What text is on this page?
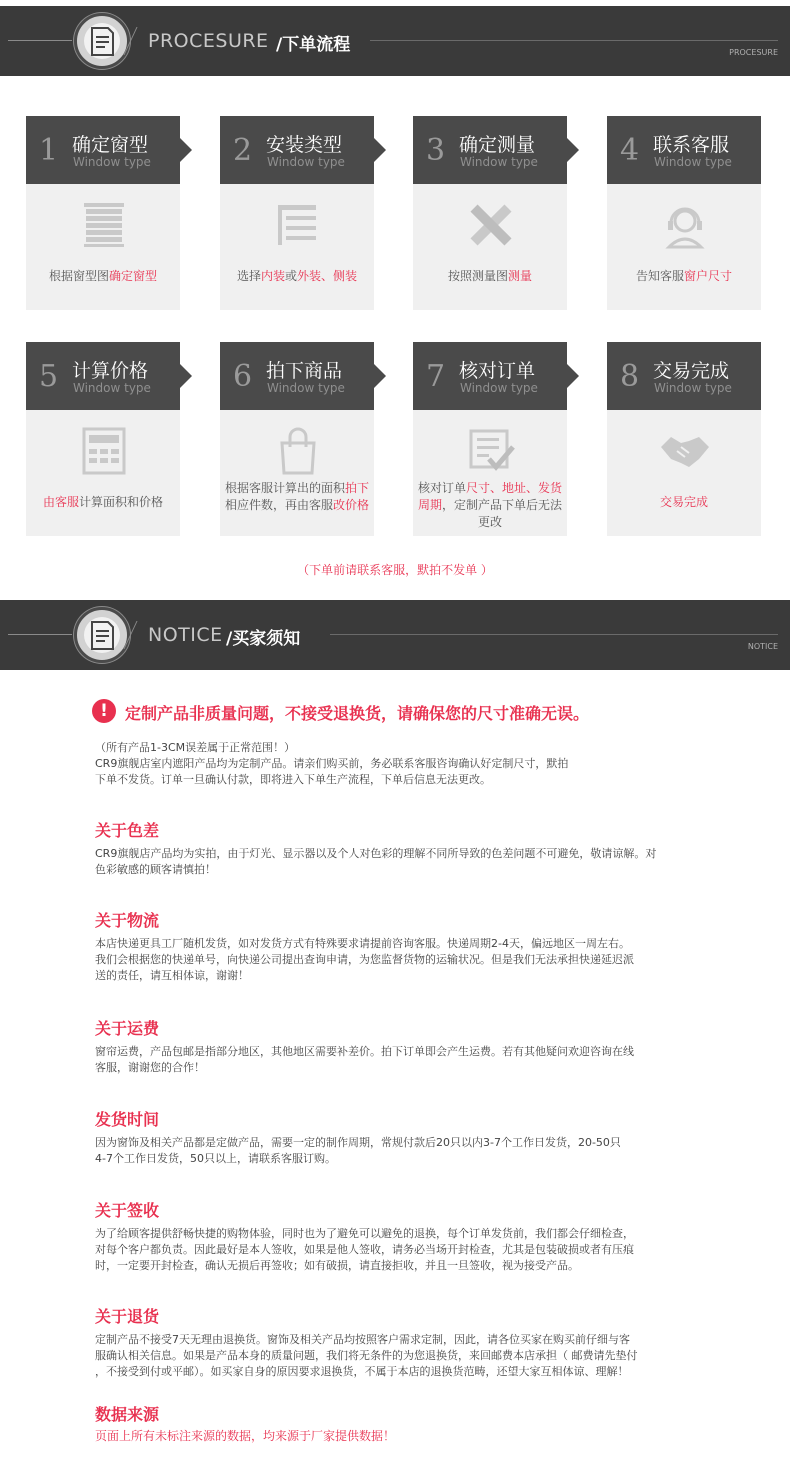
PROCESURE /下单流程	PROCESURE
1 确定窗型
Window type
根据窗型图确定窗型
2 安装类型
Window type
选择内装或外装、侧装
3 确定测量
Window type
按照测量图测量
4 联系客服
Window type
告知客服窗户尺寸
5 计算价格
Window type
由客服计算面积和价格
6 拍下商品
Window type
根据客服计算出的面积拍下相应件数，再由客服改价格
7 核对订单
Window type
核对订单尺寸、地址、发货周期，定制产品下单后无法更改
8 交易完成
Window type
交易完成
（下单前请联系客服，默拍不发单 ）
NOTICE /买家须知	NOTICE
!	定制产品非质量问题，不接受退换货，请确保您的尺寸准确无误。
（所有产品1-3CM误差属于正常范围！）
CR9旗舰店室内遮阳产品均为定制产品。请亲们购买前，务必联系客服咨询确认好定制尺寸，默拍
下单不发货。订单一旦确认付款，即将进入下单生产流程，下单后信息无法更改。
关于色差
CR9旗舰店产品均为实拍，由于灯光、显示器以及个人对色彩的理解不同所导致的色差问题不可避免，敬请谅解。对
色彩敏感的顾客请慎拍！
关于物流
本店快递更具工厂随机发货，如对发货方式有特殊要求请提前咨询客服。快递周期2-4天，偏远地区一周左右。
我们会根据您的快递单号，向快递公司提出查询申请，为您监督货物的运输状况。但是我们无法承担快递延迟派
送的责任，请互相体谅，谢谢！
关于运费
窗帘运费，产品包邮是指部分地区，其他地区需要补差价。拍下订单即会产生运费。若有其他疑问欢迎咨询在线
客服，谢谢您的合作！
发货时间
因为窗饰及相关产品都是定做产品，需要一定的制作周期，常规付款后20只以内3-7个工作日发货，20-50只
4-7个工作日发货，50只以上，请联系客服订购。
关于签收
为了给顾客提供舒畅快捷的购物体验，同时也为了避免可以避免的退换，每个订单发货前，我们都会仔细检查，
对每个客户都负责。因此最好是本人签收，如果是他人签收，请务必当场开封检查，尤其是包装破损或者有压痕
时，一定要开封检查，确认无损后再签收；如有破损，请直接拒收，并且一旦签收，视为接受产品。
关于退货
定制产品不接受7天无理由退换货。窗饰及相关产品均按照客户需求定制，因此，请各位买家在购买前仔细与客
服确认相关信息。如果是产品本身的质量问题，我们将无条件的为您退换货，来回邮费本店承担（ 邮费请先垫付
，不接受到付或平邮）。如买家自身的原因要求退换货，不属于本店的退换货范畴，还望大家互相体谅、理解！
数据来源
页面上所有未标注来源的数据，均来源于厂家提供数据！
